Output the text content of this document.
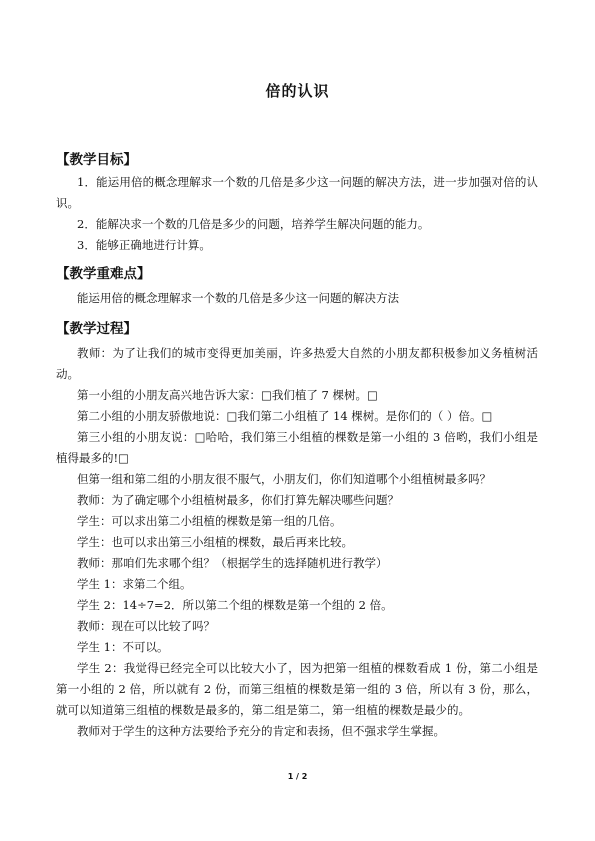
倍的认识
【教学目标】
1．能运用倍的概念理解求一个数的几倍是多少这一问题的解决方法，进一步加强对倍的认识。
2．能解决求一个数的几倍是多少的问题，培养学生解决问题的能力。
3．能够正确地进行计算。
【教学重难点】
能运用倍的概念理解求一个数的几倍是多少这一问题的解决方法
【教学过程】
教师：为了让我们的城市变得更加美丽，许多热爱大自然的小朋友都积极参加义务植树活动。
第一小组的小朋友高兴地告诉大家：□我们植了 7 棵树。□
第二小组的小朋友骄傲地说：□我们第二小组植了 14 棵树。是你们的（ ）倍。□
第三小组的小朋友说：□哈哈，我们第三小组植的棵数是第一小组的 3 倍哟，我们小组是植得最多的!□
但第一组和第二组的小朋友很不服气，小朋友们，你们知道哪个小组植树最多吗？
教师：为了确定哪个小组植树最多，你们打算先解决哪些问题？
学生：可以求出第二小组植的棵数是第一组的几倍。
学生：也可以求出第三小组植的棵数，最后再来比较。
教师：那咱们先求哪个组？（根据学生的选择随机进行教学）
学生 1：求第二个组。
学生 2：14÷7=2．所以第二个组的棵数是第一个组的 2 倍。
教师：现在可以比较了吗？
学生 1：不可以。
学生 2：我觉得已经完全可以比较大小了，因为把第一组植的棵数看成 1 份，第二小组是第一小组的 2 倍，所以就有 2 份，而第三组植的棵数是第一组的 3 倍，所以有 3 份，那么，就可以知道第三组植的棵数是最多的，第二组是第二，第一组植的棵数是最少的。
教师对于学生的这种方法要给予充分的肯定和表扬，但不强求学生掌握。
1 / 2
